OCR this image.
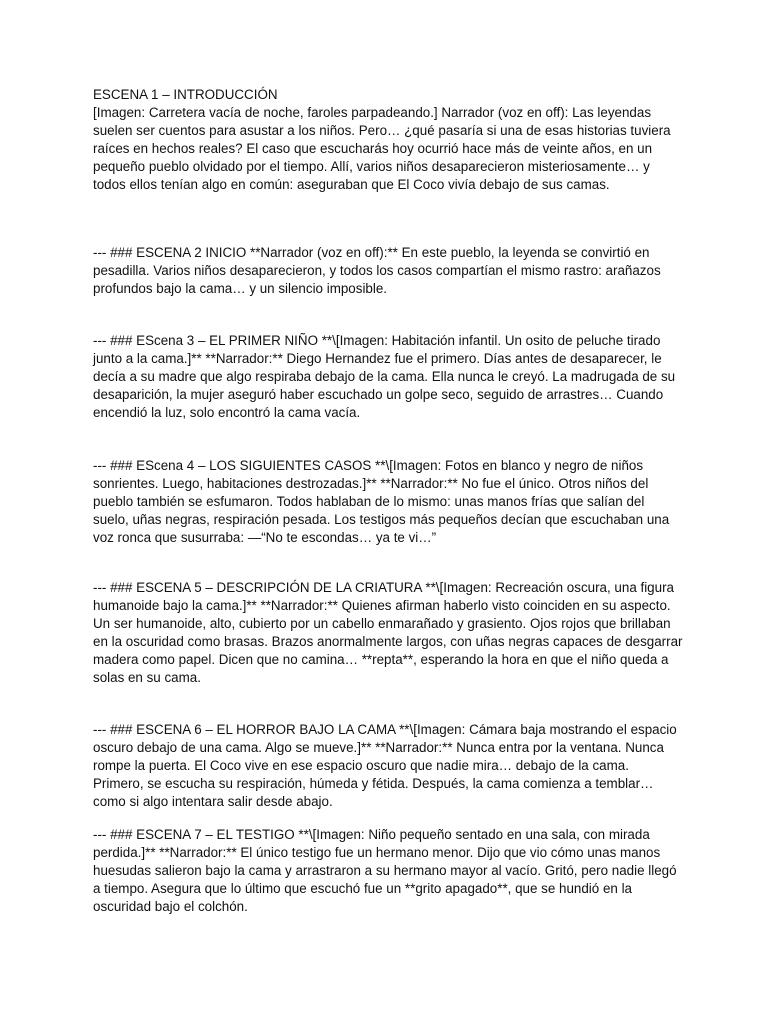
ESCENA 1 – INTRODUCCIÓN
[Imagen: Carretera vacía de noche, faroles parpadeando.] Narrador (voz en off): Las leyendas suelen ser cuentos para asustar a los niños. Pero… ¿qué pasaría si una de esas historias tuviera raíces en hechos reales? El caso que escucharás hoy ocurrió hace más de veinte años, en un pequeño pueblo olvidado por el tiempo. Allí, varios niños desaparecieron misteriosamente… y todos ellos tenían algo en común: aseguraban que El Coco vivía debajo de sus camas.

--- ### ESCENA 2 INICIO **Narrador (voz en off):** En este pueblo, la leyenda se convirtió en pesadilla. Varios niños desaparecieron, y todos los casos compartían el mismo rastro: arañazos profundos bajo la cama… y un silencio imposible.

--- ### EScena 3 – EL PRIMER NIÑO **\[Imagen: Habitación infantil. Un osito de peluche tirado junto a la cama.]** **Narrador:** Diego Hernandez fue el primero. Días antes de desaparecer, le decía a su madre que algo respiraba debajo de la cama. Ella nunca le creyó. La madrugada de su desaparición, la mujer aseguró haber escuchado un golpe seco, seguido de arrastres… Cuando encendió la luz, solo encontró la cama vacía.

--- ### EScena 4 – LOS SIGUIENTES CASOS **\[Imagen: Fotos en blanco y negro de niños sonrientes. Luego, habitaciones destrozadas.]** **Narrador:** No fue el único. Otros niños del pueblo también se esfumaron. Todos hablaban de lo mismo: unas manos frías que salían del suelo, uñas negras, respiración pesada. Los testigos más pequeños decían que escuchaban una voz ronca que susurraba: —“No te escondas… ya te vi…”

--- ### ESCENA 5 – DESCRIPCIÓN DE LA CRIATURA **\[Imagen: Recreación oscura, una figura humanoide bajo la cama.]** **Narrador:** Quienes afirman haberlo visto coinciden en su aspecto. Un ser humanoide, alto, cubierto por un cabello enmarañado y grasiento. Ojos rojos que brillaban en la oscuridad como brasas. Brazos anormalmente largos, con uñas negras capaces de desgarrar madera como papel. Dicen que no camina… **repta**, esperando la hora en que el niño queda a solas en su cama.

--- ### ESCENA 6 – EL HORROR BAJO LA CAMA **\[Imagen: Cámara baja mostrando el espacio oscuro debajo de una cama. Algo se mueve.]** **Narrador:** Nunca entra por la ventana. Nunca rompe la puerta. El Coco vive en ese espacio oscuro que nadie mira… debajo de la cama. Primero, se escucha su respiración, húmeda y fétida. Después, la cama comienza a temblar… como si algo intentara salir desde abajo.

--- ### ESCENA 7 – EL TESTIGO **\[Imagen: Niño pequeño sentado en una sala, con mirada perdida.]** **Narrador:** El único testigo fue un hermano menor. Dijo que vio cómo unas manos huesudas salieron bajo la cama y arrastraron a su hermano mayor al vacío. Gritó, pero nadie llegó a tiempo. Asegura que lo último que escuchó fue un **grito apagado**, que se hundió en la oscuridad bajo el colchón.
